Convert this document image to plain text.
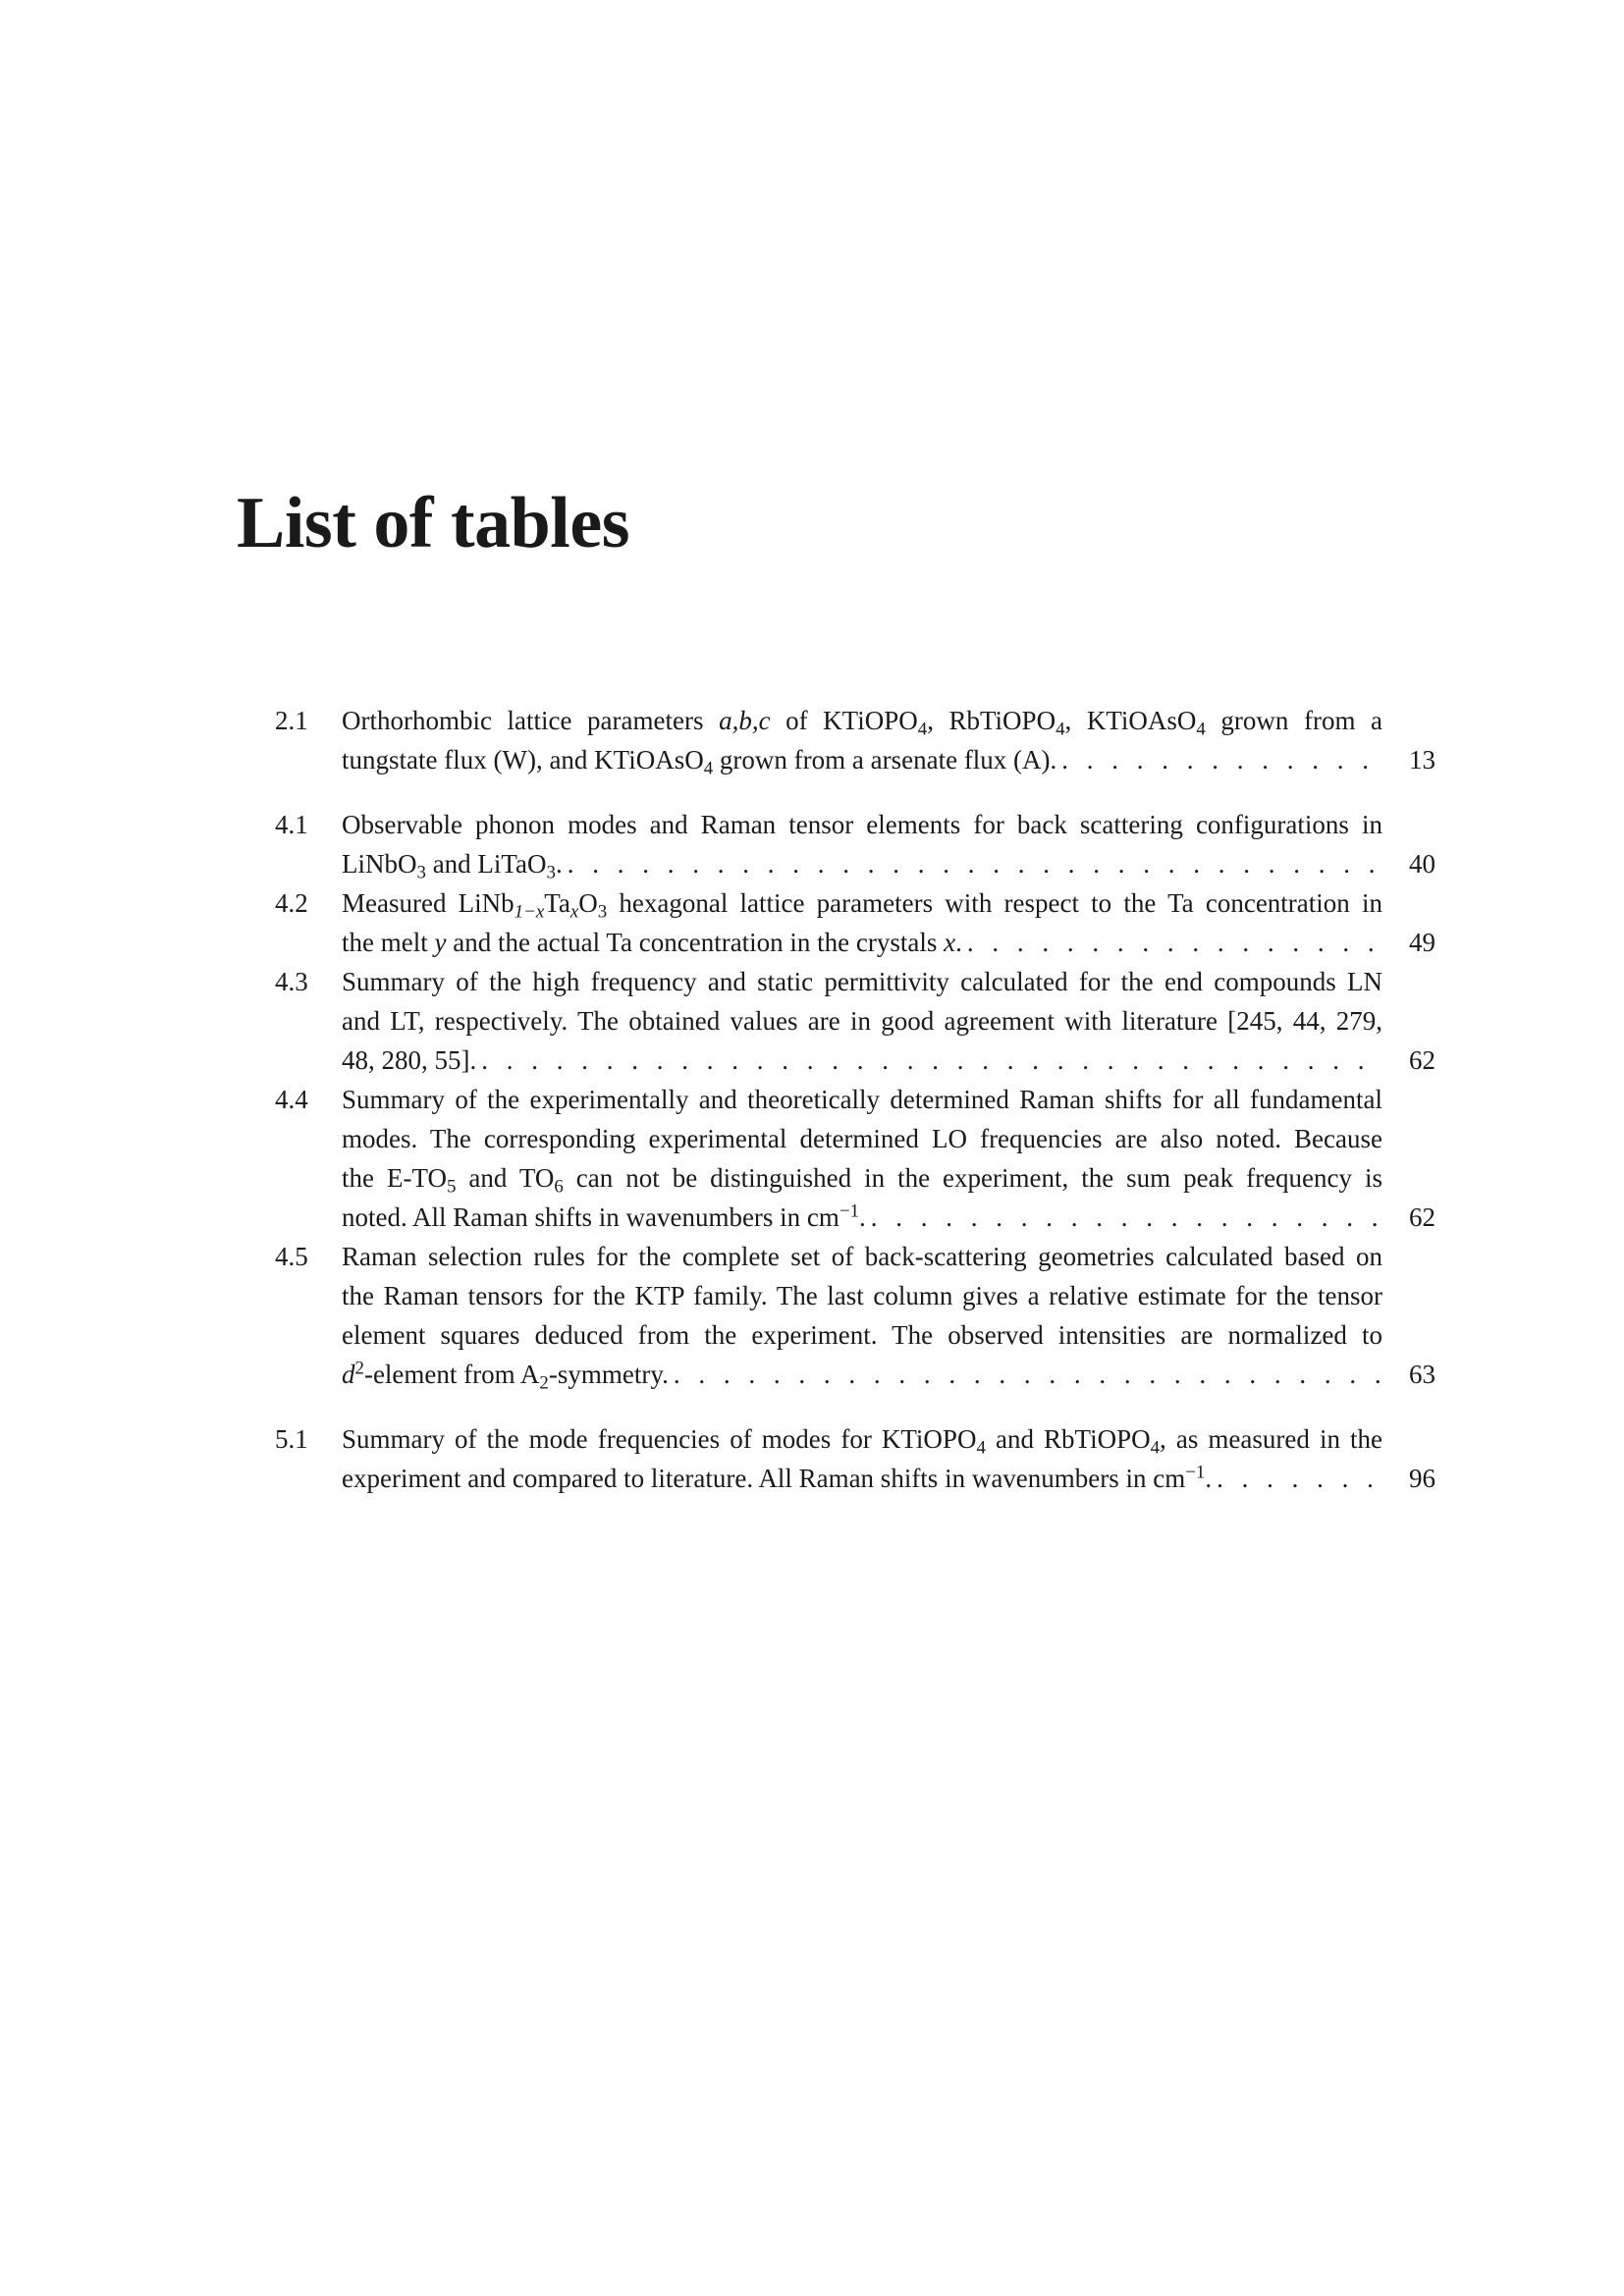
List of tables
2.1	Orthorhombic lattice parameters a,b,c of KTiOPO$_4$, RbTiOPO$_4$, KTiOAsO$_4$ grown from a
tungstate flux (W), and KTiOAsO$_4$ grown from a arsenate flux (A). . . .	13
4.1	Observable phonon modes and Raman tensor elements for back scattering configurations in
LiNbO$_3$ and LiTaO$_3$. . . .	40
4.2	Measured $LiNb_{1-x}Ta_xO_3$ hexagonal lattice parameters with respect to the Ta concentration in
the melt y and the actual Ta concentration in the crystals x. . . .	49
4.3	Summary of the high frequency and static permittivity calculated for the end compounds LN
and LT, respectively. The obtained values are in good agreement with literature [245, 44, 279,
48, 280, 55]. . . .	62
4.4	Summary of the experimentally and theoretically determined Raman shifts for all fundamental
modes. The corresponding experimental determined LO frequencies are also noted. Because
the $E-TO_5$ and $TO_6$ can not be distinguished in the experiment, the sum peak frequency is
noted. All Raman shifts in wavenumbers in $cm^{-1}$. . . .	62
4.5	Raman selection rules for the complete set of back-scattering geometries calculated based on
the Raman tensors for the KTP family. The last column gives a relative estimate for the tensor
element squares deduced from the experiment. The observed intensities are normalized to
$d^2$-element from $A_2$-symmetry. . . .	63
5.1	Summary of the mode frequencies of modes for KTiOPO$_4$ and RbTiOPO$_4$, as measured in the
experiment and compared to literature. All Raman shifts in wavenumbers in $cm^{-1}$. . . .	96
